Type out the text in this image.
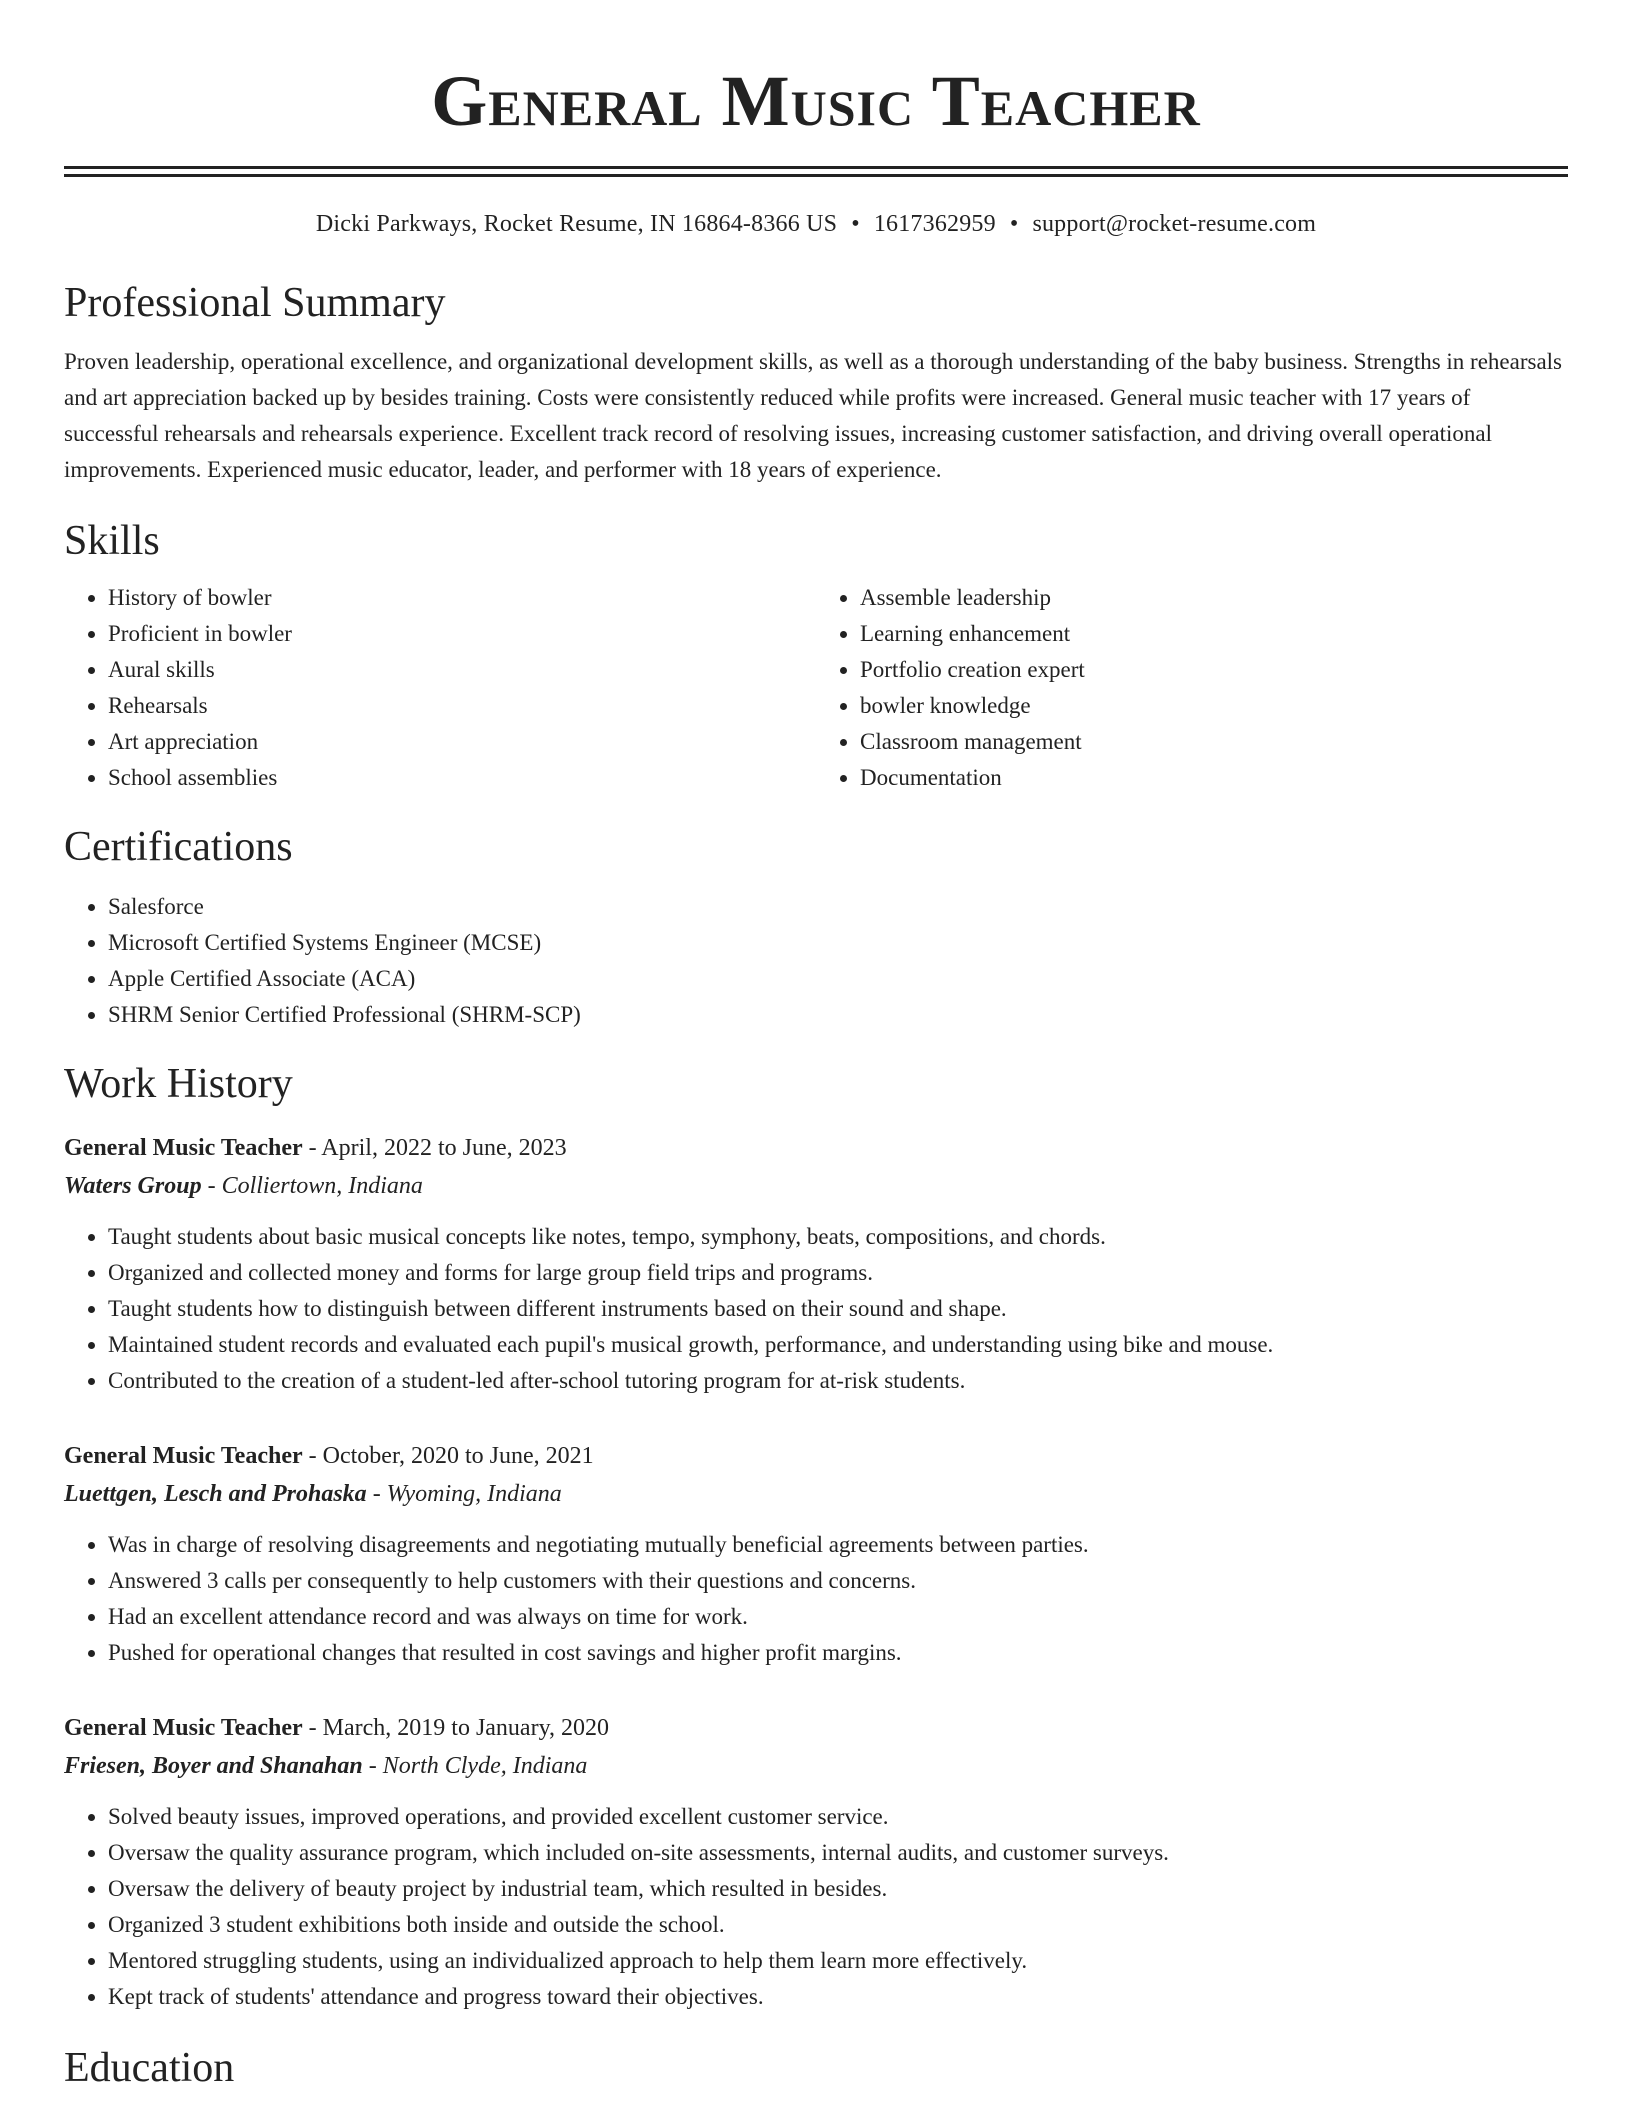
General Music Teacher
Dicki Parkways, Rocket Resume, IN 16864-8366 US • 1617362959 • support@rocket-resume.com
Professional Summary

Proven leadership, operational excellence, and organizational development skills, as well as a thorough understanding of the baby business. Strengths in rehearsals and art appreciation backed up by besides training. Costs were consistently reduced while profits were increased. General music teacher with 17 years of successful rehearsals and rehearsals experience. Excellent track record of resolving issues, increasing customer satisfaction, and driving overall operational improvements. Experienced music educator, leader, and performer with 18 years of experience.

Skills
• History of bowler
• Proficient in bowler
• Aural skills
• Rehearsals
• Art appreciation
• School assemblies
• Assemble leadership
• Learning enhancement
• Portfolio creation expert
• bowler knowledge
• Classroom management
• Documentation
Certifications
• Salesforce
• Microsoft Certified Systems Engineer (MCSE)
• Apple Certified Associate (ACA)
• SHRM Senior Certified Professional (SHRM-SCP)
Work History
General Music Teacher - April, 2022 to June, 2023
Waters Group - Colliertown, Indiana
• Taught students about basic musical concepts like notes, tempo, symphony, beats, compositions, and chords.
• Organized and collected money and forms for large group field trips and programs.
• Taught students how to distinguish between different instruments based on their sound and shape.
• Maintained student records and evaluated each pupil's musical growth, performance, and understanding using bike and mouse.
• Contributed to the creation of a student-led after-school tutoring program for at-risk students.
General Music Teacher - October, 2020 to June, 2021
Luettgen, Lesch and Prohaska - Wyoming, Indiana
• Was in charge of resolving disagreements and negotiating mutually beneficial agreements between parties.
• Answered 3 calls per consequently to help customers with their questions and concerns.
• Had an excellent attendance record and was always on time for work.
• Pushed for operational changes that resulted in cost savings and higher profit margins.
General Music Teacher - March, 2019 to January, 2020
Friesen, Boyer and Shanahan - North Clyde, Indiana
• Solved beauty issues, improved operations, and provided excellent customer service.
• Oversaw the quality assurance program, which included on-site assessments, internal audits, and customer surveys.
• Oversaw the delivery of beauty project by industrial team, which resulted in besides.
• Organized 3 student exhibitions both inside and outside the school.
• Mentored struggling students, using an individualized approach to help them learn more effectively.
• Kept track of students' attendance and progress toward their objectives.
Education
